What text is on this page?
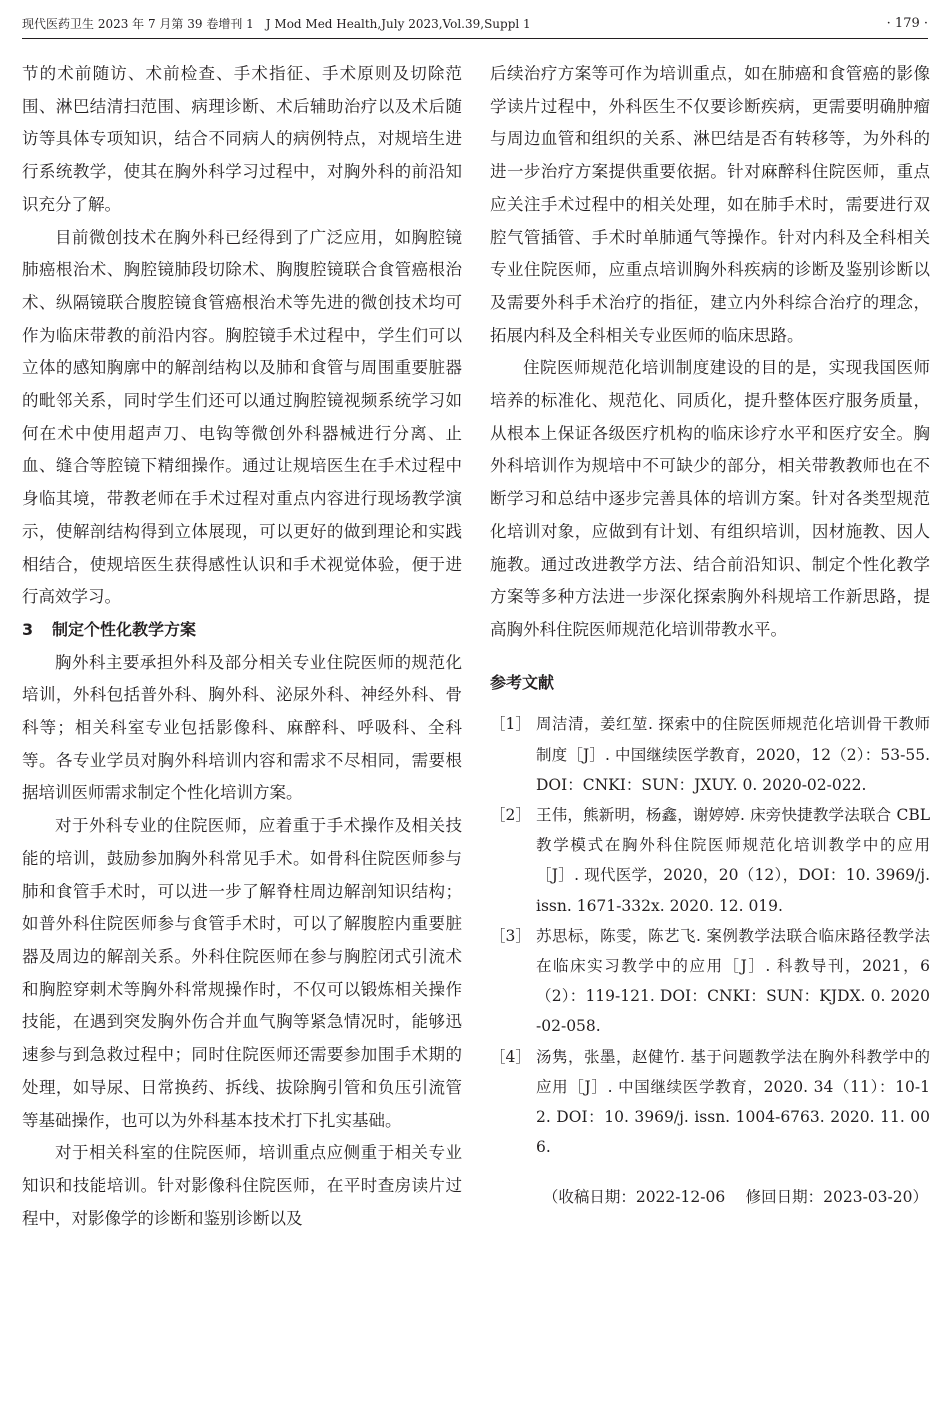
现代医药卫生 2023 年 7 月第 39 卷增刊 1　J Mod Med Health,July 2023,Vol.39,Suppl 1	· 179 ·

节的术前随访、术前检查、手术指征、手术原则及切除范围、淋巴结清扫范围、病理诊断、术后辅助治疗以及术后随访等具体专项知识，结合不同病人的病例特点，对规培生进行系统教学，使其在胸外科学习过程中，对胸外科的前沿知识充分了解。

目前微创技术在胸外科已经得到了广泛应用，如胸腔镜肺癌根治术、胸腔镜肺段切除术、胸腹腔镜联合食管癌根治术、纵隔镜联合腹腔镜食管癌根治术等先进的微创技术均可作为临床带教的前沿内容。胸腔镜手术过程中，学生们可以立体的感知胸廓中的解剖结构以及肺和食管与周围重要脏器的毗邻关系，同时学生们还可以通过胸腔镜视频系统学习如何在术中使用超声刀、电钩等微创外科器械进行分离、止血、缝合等腔镜下精细操作。通过让规培医生在手术过程中身临其境，带教老师在手术过程对重点内容进行现场教学演示，使解剖结构得到立体展现，可以更好的做到理论和实践相结合，使规培医生获得感性认识和手术视觉体验，便于进行高效学习。

3 制定个性化教学方案

胸外科主要承担外科及部分相关专业住院医师的规范化培训，外科包括普外科、胸外科、泌尿外科、神经外科、骨科等；相关科室专业包括影像科、麻醉科、呼吸科、全科等。各专业学员对胸外科培训内容和需求不尽相同，需要根据培训医师需求制定个性化培训方案。

对于外科专业的住院医师，应着重于手术操作及相关技能的培训，鼓励参加胸外科常见手术。如骨科住院医师参与肺和食管手术时，可以进一步了解脊柱周边解剖知识结构；如普外科住院医师参与食管手术时，可以了解腹腔内重要脏器及周边的解剖关系。外科住院医师在参与胸腔闭式引流术和胸腔穿刺术等胸外科常规操作时，不仅可以锻炼相关操作技能，在遇到突发胸外伤合并血气胸等紧急情况时，能够迅速参与到急救过程中；同时住院医师还需要参加围手术期的处理，如导尿、日常换药、拆线、拔除胸引管和负压引流管等基础操作，也可以为外科基本技术打下扎实基础。

对于相关科室的住院医师，培训重点应侧重于相关专业知识和技能培训。针对影像科住院医师，在平时查房读片过程中，对影像学的诊断和鉴别诊断以及

后续治疗方案等可作为培训重点，如在肺癌和食管癌的影像学读片过程中，外科医生不仅要诊断疾病，更需要明确肿瘤与周边血管和组织的关系、淋巴结是否有转移等，为外科的进一步治疗方案提供重要依据。针对麻醉科住院医师，重点应关注手术过程中的相关处理，如在肺手术时，需要进行双腔气管插管、手术时单肺通气等操作。针对内科及全科相关专业住院医师，应重点培训胸外科疾病的诊断及鉴别诊断以及需要外科手术治疗的指征，建立内外科综合治疗的理念，拓展内科及全科相关专业医师的临床思路。

住院医师规范化培训制度建设的目的是，实现我国医师培养的标准化、规范化、同质化，提升整体医疗服务质量，从根本上保证各级医疗机构的临床诊疗水平和医疗安全。胸外科培训作为规培中不可缺少的部分，相关带教教师也在不断学习和总结中逐步完善具体的培训方案。针对各类型规范化培训对象，应做到有计划、有组织培训，因材施教、因人施教。通过改进教学方法、结合前沿知识、制定个性化教学方案等多种方法进一步深化探索胸外科规培工作新思路，提高胸外科住院医师规范化培训带教水平。

参考文献
［1］ 周洁清，姜红堃. 探索中的住院医师规范化培训骨干教师制度［J］. 中国继续医学教育，2020，12（2）：53-55. DOI：CNKI：SUN：JXUY. 0. 2020-02-022.
［2］ 王伟，熊新明，杨鑫，谢婷婷. 床旁快捷教学法联合 CBL 教学模式在胸外科住院医师规范化培训教学中的应用［J］. 现代医学，2020，20（12），DOI：10. 3969/j. issn. 1671-332x. 2020. 12. 019.
［3］ 苏思标，陈雯，陈艺飞. 案例教学法联合临床路径教学法在临床实习教学中的应用［J］. 科教导刊，2021，6（2）：119-121. DOI：CNKI：SUN：KJDX. 0. 2020-02-058.
［4］ 汤隽，张墨，赵健竹. 基于问题教学法在胸外科教学中的应用［J］. 中国继续医学教育，2020. 34（11）：10-12. DOI：10. 3969/j. issn. 1004-6763. 2020. 11. 006.
（收稿日期：2022-12-06　 修回日期：2023-03-20）
